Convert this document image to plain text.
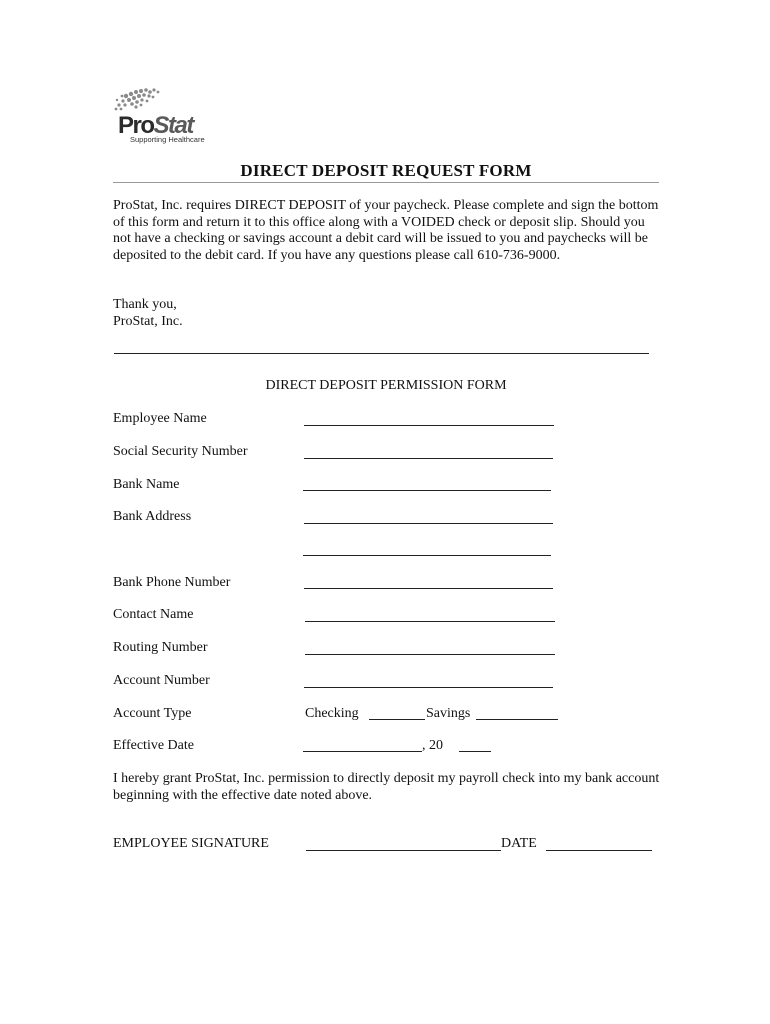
ProStat
Supporting Healthcare
DIRECT DEPOSIT REQUEST FORM
ProStat, Inc. requires DIRECT DEPOSIT of your paycheck. Please complete and sign the bottom of this form and return it to this office along with a VOIDED check or deposit slip. Should you not have a checking or savings account a debit card will be issued to you and paychecks will be deposited to the debit card. If you have any questions please call 610-736-9000.
Thank you,
ProStat, Inc.
DIRECT DEPOSIT PERMISSION FORM
Employee Name
Social Security Number
Bank Name
Bank Address
Bank Phone Number
Contact Name
Routing Number
Account Number
Account Type	Checking	Savings
Effective Date	, 20
I hereby grant ProStat, Inc. permission to directly deposit my payroll check into my bank account beginning with the effective date noted above.
EMPLOYEE SIGNATURE	DATE
